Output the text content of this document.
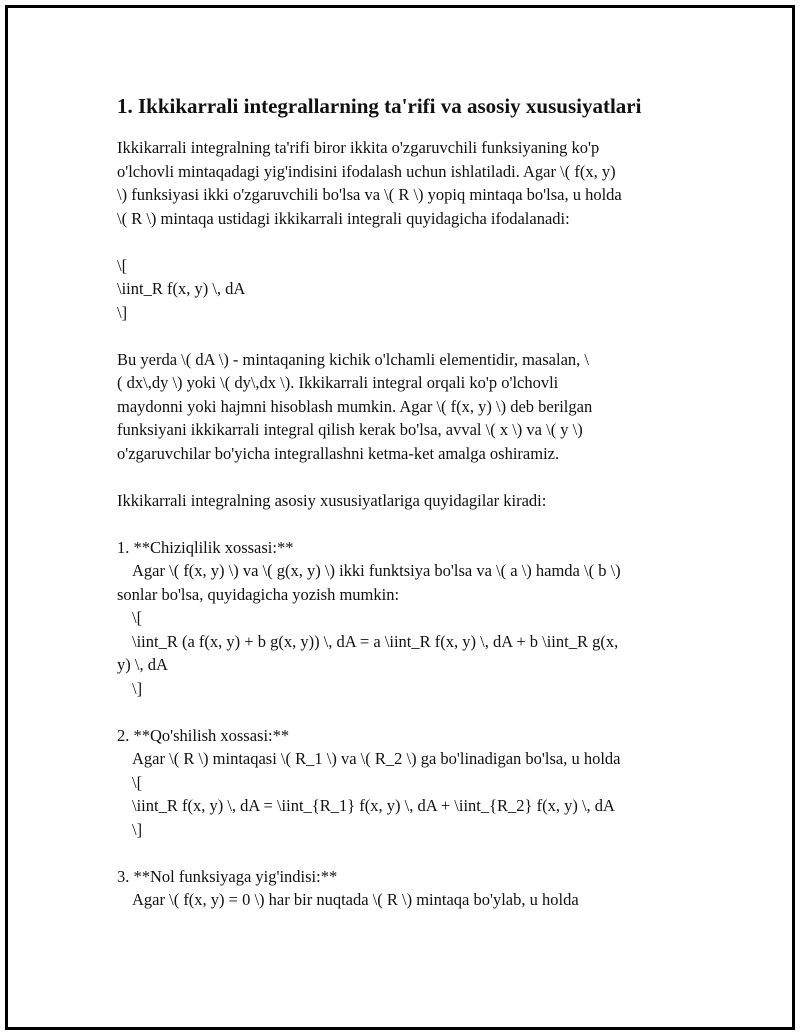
1. Ikkikarrali integrallarning ta'rifi va asosiy xususiyatlari
Ikkikarrali integralning ta'rifi biror ikkita o'zgaruvchili funksiyaning ko'p
o'lchovli mintaqadagi yig'indisini ifodalash uchun ishlatiladi. Agar \( f(x, y)
\) funksiyasi ikki o'zgaruvchili bo'lsa va \( R \) yopiq mintaqa bo'lsa, u holda
\( R \) mintaqa ustidagi ikkikarrali integrali quyidagicha ifodalanadi:
\[
\iint_R f(x, y) \, dA
\]
Bu yerda \( dA \) - mintaqaning kichik o'lchamli elementidir, masalan, \
( dx\,dy \) yoki \( dy\,dx \). Ikkikarrali integral orqali ko'p o'lchovli
maydonni yoki hajmni hisoblash mumkin. Agar \( f(x, y) \) deb berilgan
funksiyani ikkikarrali integral qilish kerak bo'lsa, avval \( x \) va \( y \)
o'zgaruvchilar bo'yicha integrallashni ketma-ket amalga oshiramiz.
Ikkikarrali integralning asosiy xususiyatlariga quyidagilar kiradi:
1. **Chiziqlilik xossasi:**
Agar \( f(x, y) \) va \( g(x, y) \) ikki funktsiya bo'lsa va \( a \) hamda \( b \)
sonlar bo'lsa, quyidagicha yozish mumkin:
\[
\iint_R (a f(x, y) + b g(x, y)) \, dA = a \iint_R f(x, y) \, dA + b \iint_R g(x,
y) \, dA
\]
2. **Qo'shilish xossasi:**
Agar \( R \) mintaqasi \( R_1 \) va \( R_2 \) ga bo'linadigan bo'lsa, u holda
\[
\iint_R f(x, y) \, dA = \iint_{R_1} f(x, y) \, dA + \iint_{R_2} f(x, y) \, dA
\]
3. **Nol funksiyaga yig'indisi:**
Agar \( f(x, y) = 0 \) har bir nuqtada \( R \) mintaqa bo'ylab, u holda
